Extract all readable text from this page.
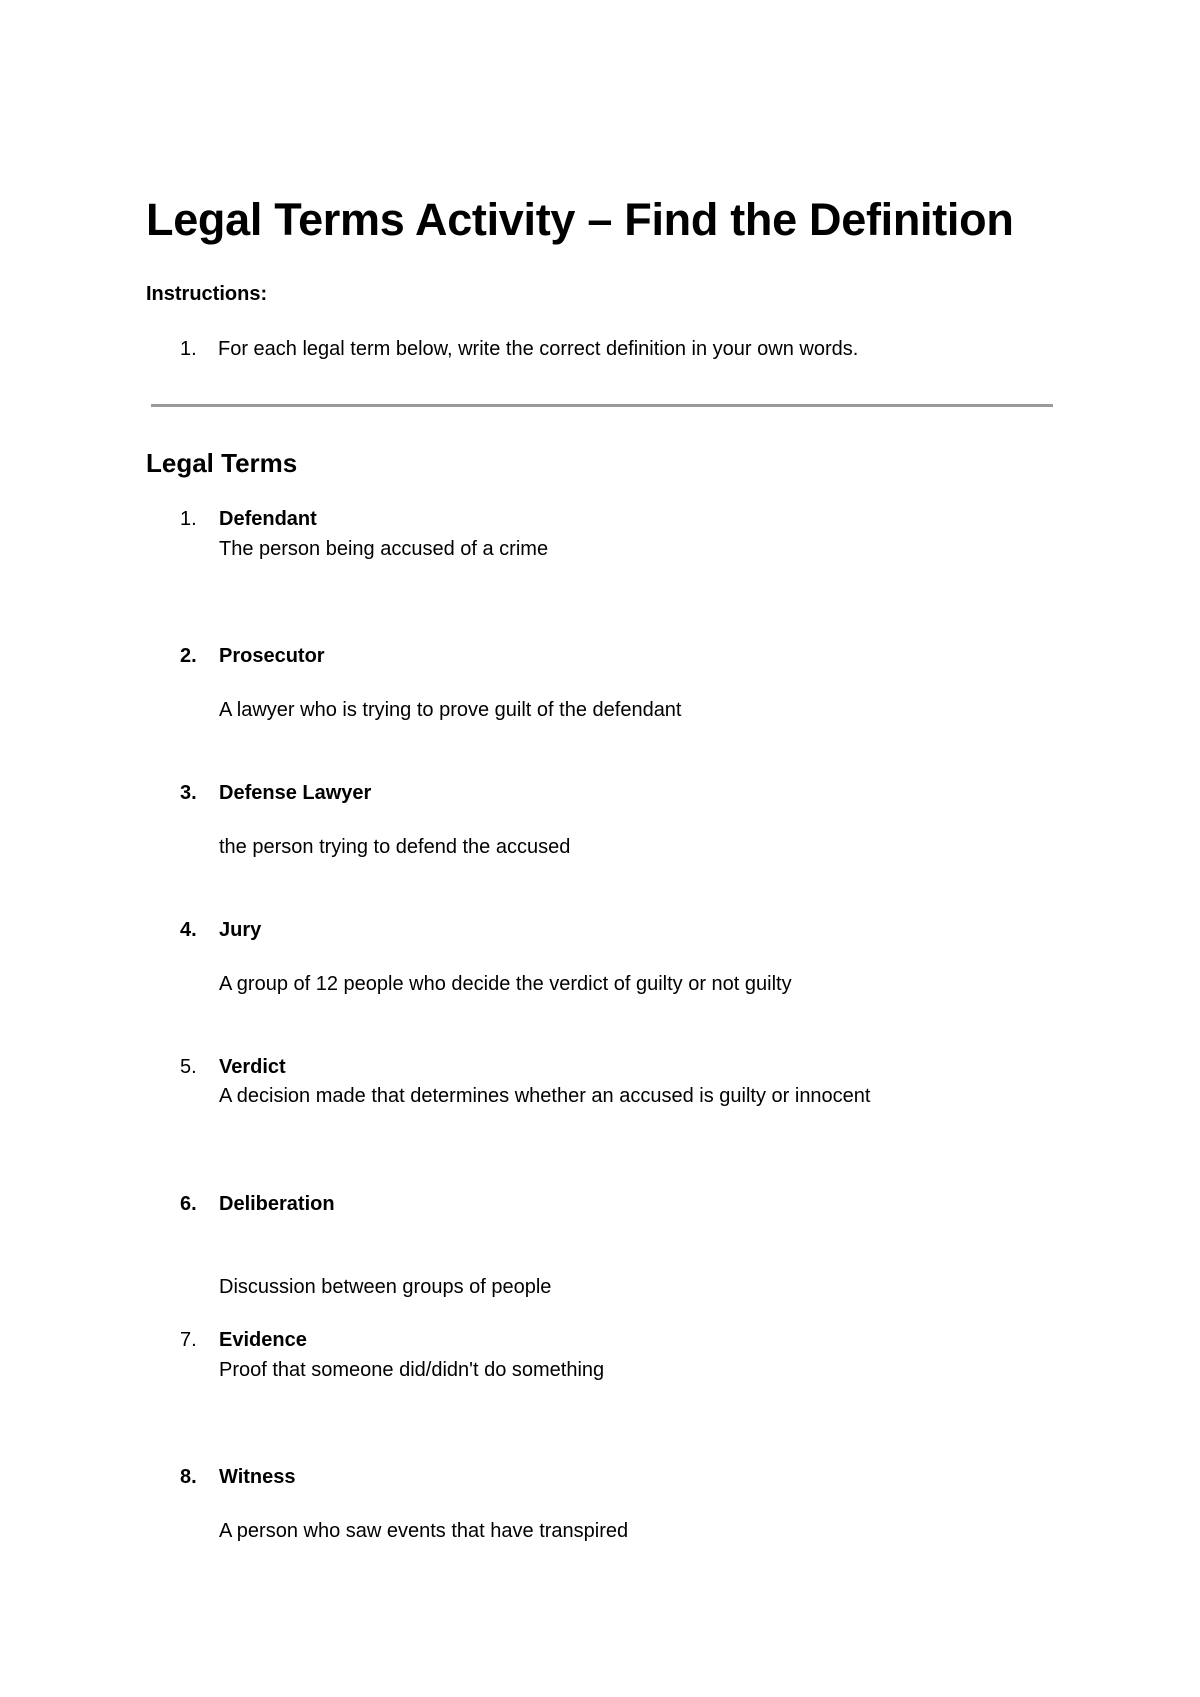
Legal Terms Activity – Find the Definition

Instructions:

1. For each legal term below, write the correct definition in your own words.
Legal Terms
1. Defendant
The person being accused of a crime
2. Prosecutor
A lawyer who is trying to prove guilt of the defendant
3. Defense Lawyer
the person trying to defend the accused
4. Jury
A group of 12 people who decide the verdict of guilty or not guilty
5. Verdict
A decision made that determines whether an accused is guilty or innocent
6. Deliberation
Discussion between groups of people
7. Evidence
Proof that someone did/didn't do something
8. Witness
A person who saw events that have transpired
